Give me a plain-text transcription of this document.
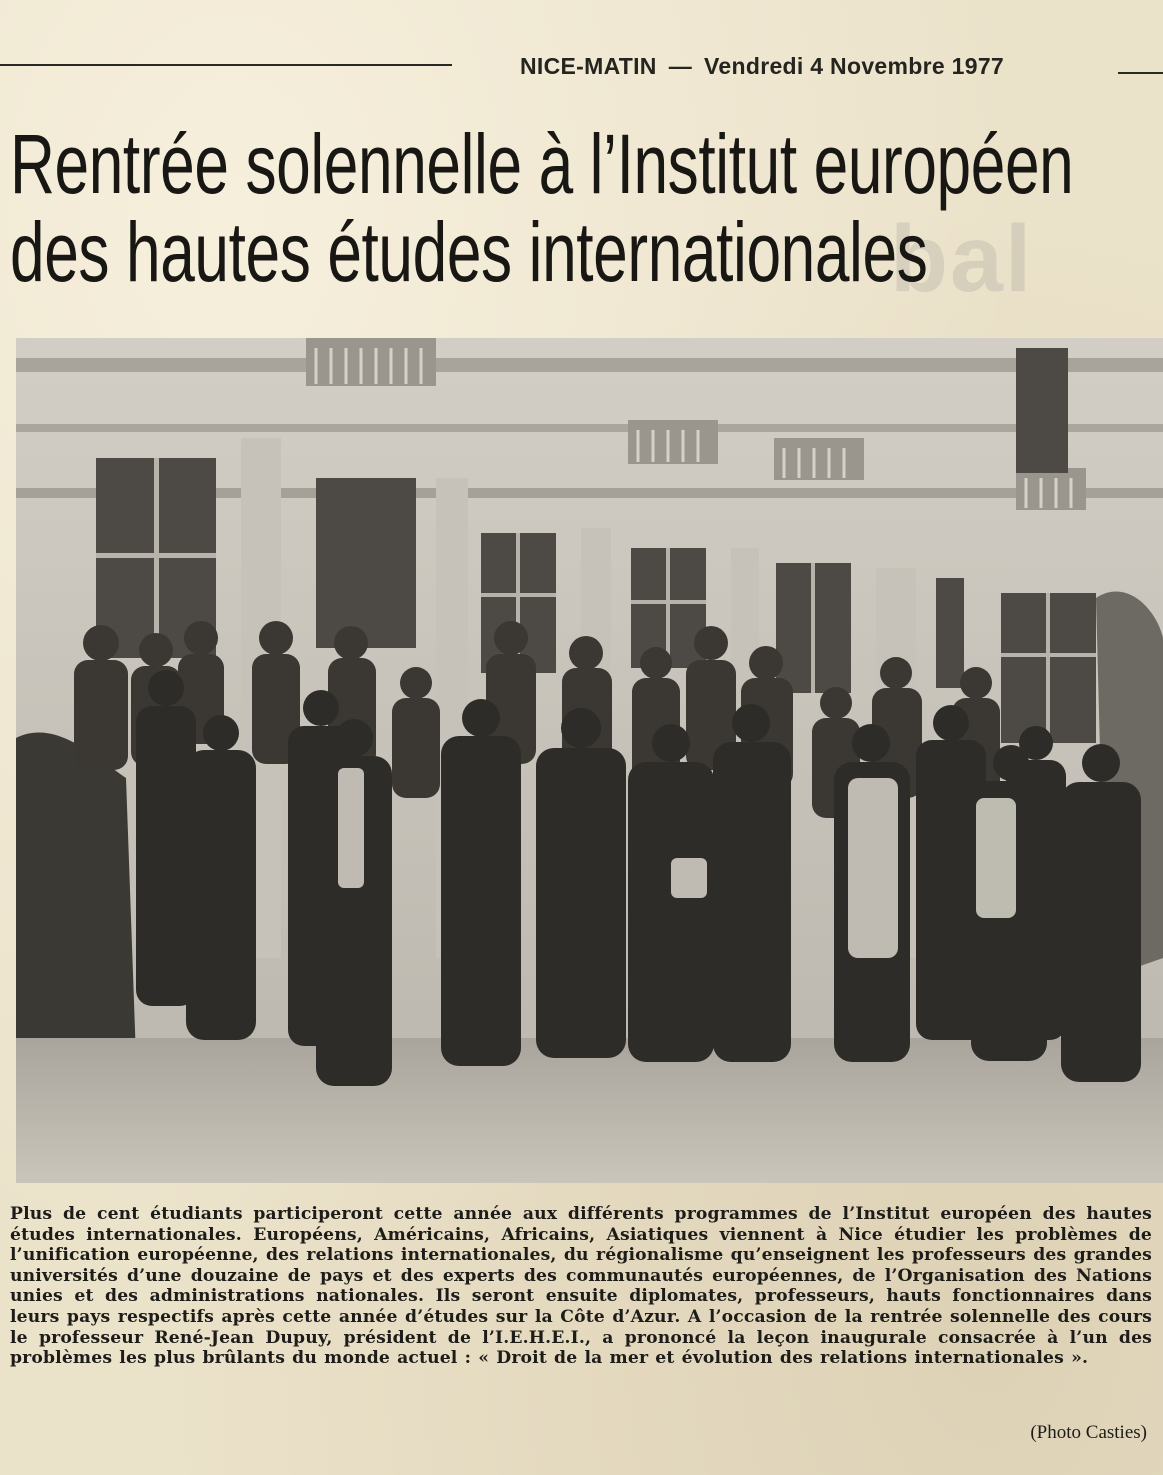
NICE-MATIN — Vendredi 4 Novembre 1977
bal
Rentrée solennelle à l’Institut européen
des hautes études internationales
Plus de cent étudiants participeront cette année aux différents programmes de l’Institut européen des hautes études internationales. Européens, Américains, Africains, Asiatiques viennent à Nice étudier les problèmes de l’unification européenne, des relations internationales, du régionalisme qu’enseignent les professeurs des grandes universités d’une douzaine de pays et des experts des communautés européennes, de l’Organisation des Nations unies et des administrations nationales. Ils seront ensuite diplomates, professeurs, hauts fonctionnaires dans leurs pays respectifs après cette année d’études sur la Côte d’Azur. A l’occasion de la rentrée solennelle des cours le professeur René-Jean Dupuy, président de l’I.E.H.E.I., a prononcé la leçon inaugurale consacrée à l’un des problèmes les plus brûlants du monde actuel : « Droit de la mer et évolution des relations internationales ».
(Photo Casties)
